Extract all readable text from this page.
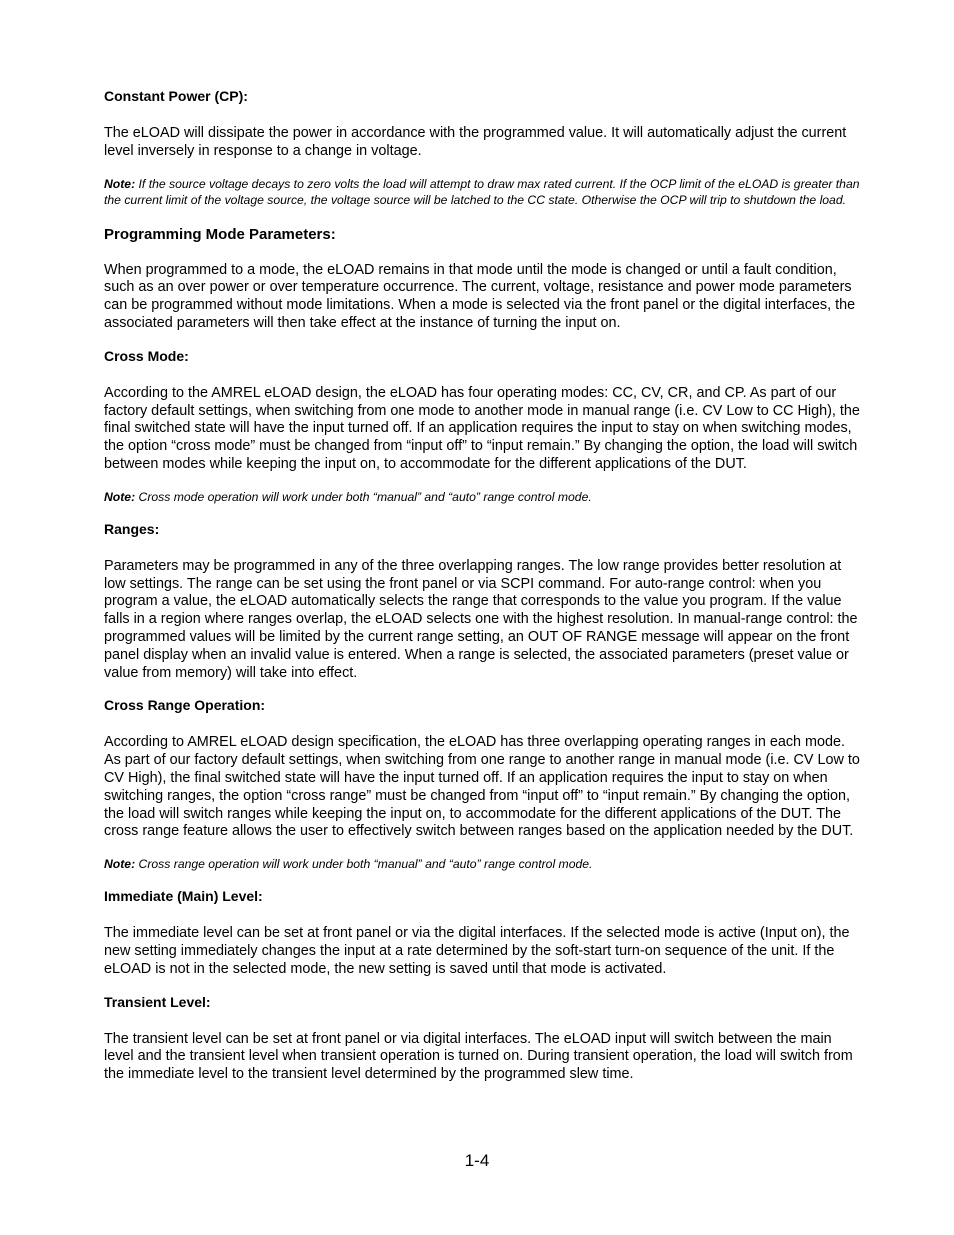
Constant Power (CP):
The eLOAD will dissipate the power in accordance with the programmed value. It will automatically adjust the current level inversely in response to a change in voltage.
Note: If the source voltage decays to zero volts the load will attempt to draw max rated current. If the OCP limit of the eLOAD is greater than the current limit of the voltage source, the voltage source will be latched to the CC state. Otherwise the OCP will trip to shutdown the load.
Programming Mode Parameters:
When programmed to a mode, the eLOAD remains in that mode until the mode is changed or until a fault condition, such as an over power or over temperature occurrence. The current, voltage, resistance and power mode parameters can be programmed without mode limitations. When a mode is selected via the front panel or the digital interfaces, the associated parameters will then take effect at the instance of turning the input on.
Cross Mode:
According to the AMREL eLOAD design, the eLOAD has four operating modes: CC, CV, CR, and CP. As part of our factory default settings, when switching from one mode to another mode in manual range (i.e. CV Low to CC High), the final switched state will have the input turned off. If an application requires the input to stay on when switching modes, the option “cross mode” must be changed from “input off” to “input remain.” By changing the option, the load will switch between modes while keeping the input on, to accommodate for the different applications of the DUT.
Note: Cross mode operation will work under both “manual” and “auto” range control mode.
Ranges:
Parameters may be programmed in any of the three overlapping ranges. The low range provides better resolution at low settings. The range can be set using the front panel or via SCPI command. For auto-range control: when you program a value, the eLOAD automatically selects the range that corresponds to the value you program. If the value falls in a region where ranges overlap, the eLOAD selects one with the highest resolution. In manual-range control: the programmed values will be limited by the current range setting, an OUT OF RANGE message will appear on the front panel display when an invalid value is entered. When a range is selected, the associated parameters (preset value or value from memory) will take into effect.
Cross Range Operation:
According to AMREL eLOAD design specification, the eLOAD has three overlapping operating ranges in each mode. As part of our factory default settings, when switching from one range to another range in manual mode (i.e. CV Low to CV High), the final switched state will have the input turned off. If an application requires the input to stay on when switching ranges, the option “cross range” must be changed from “input off” to “input remain.” By changing the option, the load will switch ranges while keeping the input on, to accommodate for the different applications of the DUT. The cross range feature allows the user to effectively switch between ranges based on the application needed by the DUT.
Note: Cross range operation will work under both “manual” and “auto” range control mode.
Immediate (Main) Level:
The immediate level can be set at front panel or via the digital interfaces. If the selected mode is active (Input on), the new setting immediately changes the input at a rate determined by the soft-start turn-on sequence of the unit. If the eLOAD is not in the selected mode, the new setting is saved until that mode is activated.
Transient Level:
The transient level can be set at front panel or via digital interfaces. The eLOAD input will switch between the main level and the transient level when transient operation is turned on. During transient operation, the load will switch from the immediate level to the transient level determined by the programmed slew time.
1-4
